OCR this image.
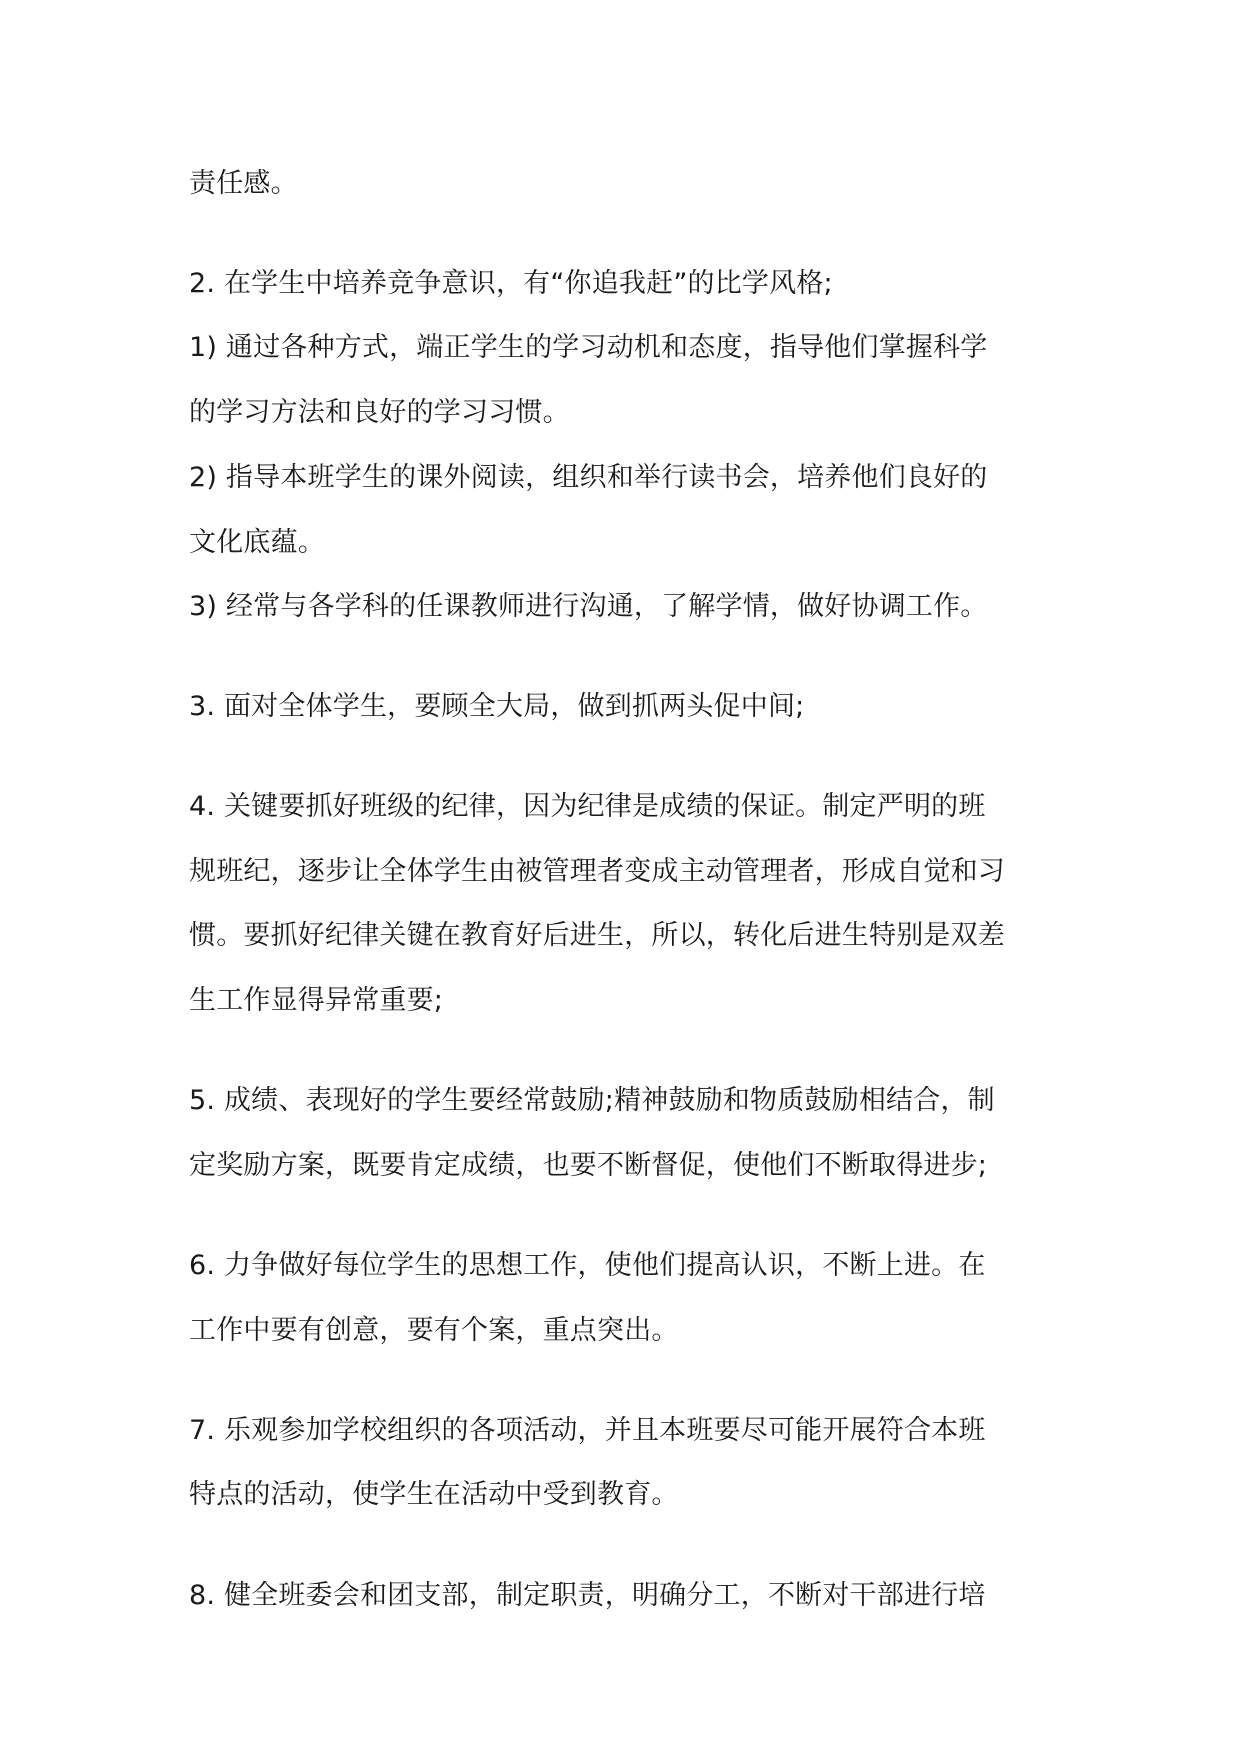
责任感。
2. 在学生中培养竞争意识，有“你追我赶”的比学风格;
1) 通过各种方式，端正学生的学习动机和态度，指导他们掌握科学
的学习方法和良好的学习习惯。
2) 指导本班学生的课外阅读，组织和举行读书会，培养他们良好的
文化底蕴。
3) 经常与各学科的任课教师进行沟通，了解学情，做好协调工作。
3. 面对全体学生，要顾全大局，做到抓两头促中间;
4. 关键要抓好班级的纪律，因为纪律是成绩的保证。制定严明的班
规班纪，逐步让全体学生由被管理者变成主动管理者，形成自觉和习
惯。要抓好纪律关键在教育好后进生，所以，转化后进生特别是双差
生工作显得异常重要;
5. 成绩、表现好的学生要经常鼓励;精神鼓励和物质鼓励相结合，制
定奖励方案，既要肯定成绩，也要不断督促，使他们不断取得进步;
6. 力争做好每位学生的思想工作，使他们提高认识，不断上进。在
工作中要有创意，要有个案，重点突出。
7. 乐观参加学校组织的各项活动，并且本班要尽可能开展符合本班
特点的活动，使学生在活动中受到教育。
8. 健全班委会和团支部，制定职责，明确分工，不断对干部进行培
